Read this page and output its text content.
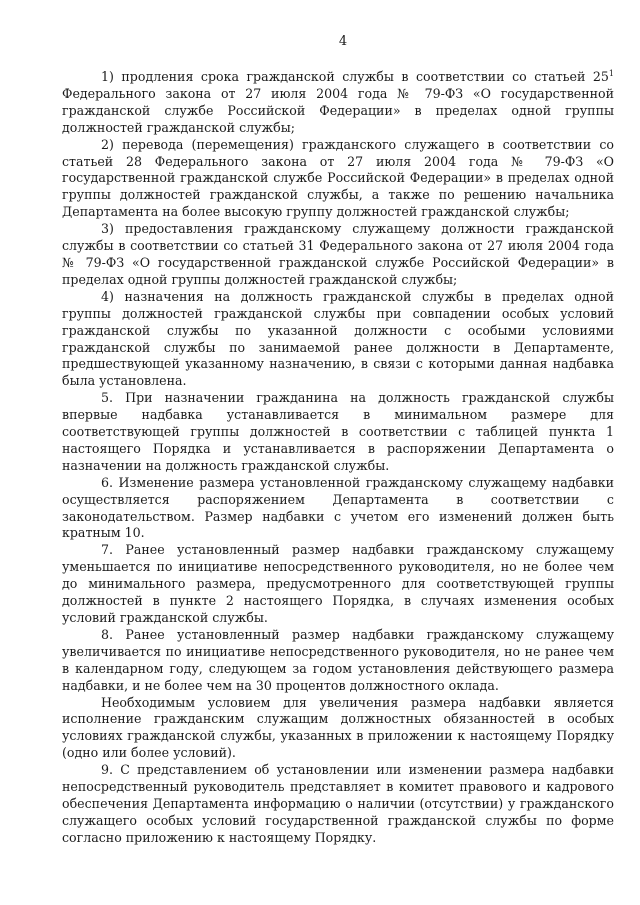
4

1) продления срока гражданской службы в соответствии со статьей $25^1$ Федерального закона от 27 июля 2004 года № 79-ФЗ «О государственной гражданской службе Российской Федерации» в пределах одной группы должностей гражданской службы;

2) перевода (перемещения) гражданского служащего в соответствии со статьей 28 Федерального закона от 27 июля 2004 года № 79-ФЗ «О государственной гражданской службе Российской Федерации» в пределах одной группы должностей гражданской службы, а также по решению начальника Департамента на более высокую группу должностей гражданской службы;

3) предоставления гражданскому служащему должности гражданской службы в соответствии со статьей 31 Федерального закона от 27 июля 2004 года № 79-ФЗ «О государственной гражданской службе Российской Федерации» в пределах одной группы должностей гражданской службы;

4) назначения на должность гражданской службы в пределах одной группы должностей гражданской службы при совпадении особых условий гражданской службы по указанной должности с особыми условиями гражданской службы по занимаемой ранее должности в Департаменте, предшествующей указанному назначению, в связи с которыми данная надбавка была установлена.

5. При назначении гражданина на должность гражданской службы впервые надбавка устанавливается в минимальном размере для соответствующей группы должностей в соответствии с таблицей пункта 1 настоящего Порядка и устанавливается в распоряжении Департамента о назначении на должность гражданской службы.

6. Изменение размера установленной гражданскому служащему надбавки осуществляется распоряжением Департамента в соответствии с законодательством. Размер надбавки с учетом его изменений должен быть кратным 10.

7. Ранее установленный размер надбавки гражданскому служащему уменьшается по инициативе непосредственного руководителя, но не более чем до минимального размера, предусмотренного для соответствующей группы должностей в пункте 2 настоящего Порядка, в случаях изменения особых условий гражданской службы.

8. Ранее установленный размер надбавки гражданскому служащему увеличивается по инициативе непосредственного руководителя, но не ранее чем в календарном году, следующем за годом установления действующего размера надбавки, и не более чем на 30 процентов должностного оклада.

Необходимым условием для увеличения размера надбавки является исполнение гражданским служащим должностных обязанностей в особых условиях гражданской службы, указанных в приложении к настоящему Порядку (одно или более условий).

9. С представлением об установлении или изменении размера надбавки непосредственный руководитель представляет в комитет правового и кадрового обеспечения Департамента информацию о наличии (отсутствии) у гражданского служащего особых условий государственной гражданской службы по форме согласно приложению к настоящему Порядку.
